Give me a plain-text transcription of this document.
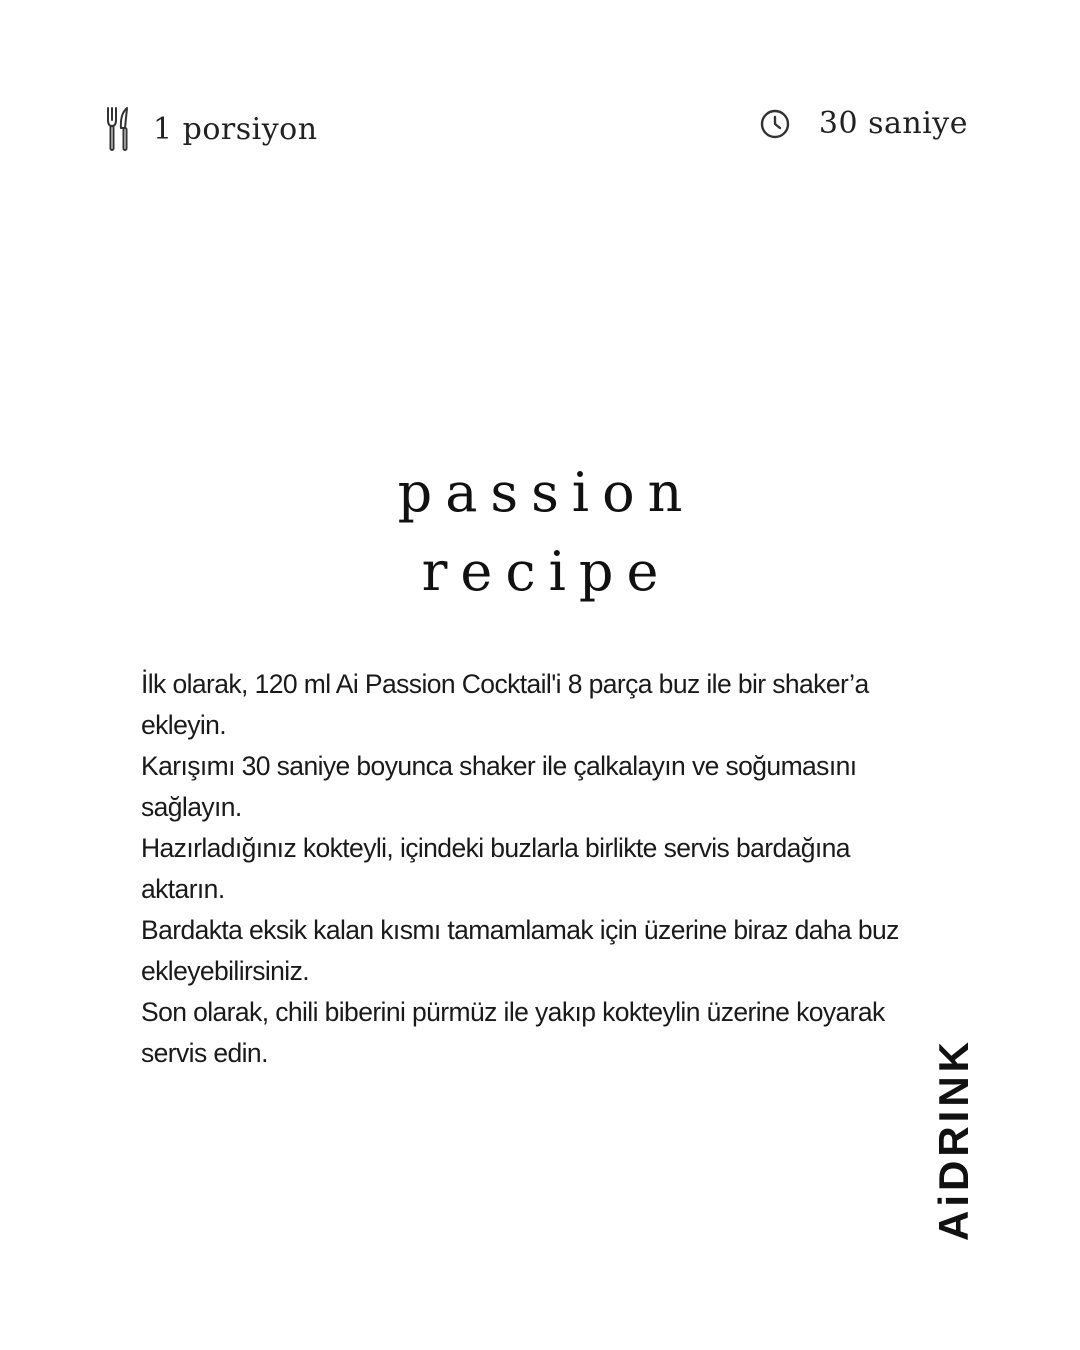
1 porsiyon	30 saniye
passion
recipe

İlk olarak, 120 ml Ai Passion Cocktail'i 8 parça buz ile bir shaker’a ekleyin.

Karışımı 30 saniye boyunca shaker ile çalkalayın ve soğumasını sağlayın.

Hazırladığınız kokteyli, içindeki buzlarla birlikte servis bardağına aktarın.

Bardakta eksik kalan kısmı tamamlamak için üzerine biraz daha buz ekleyebilirsiniz.

Son olarak, chili biberini pürmüz ile yakıp kokteylin üzerine koyarak servis edin.	AiDRINK
